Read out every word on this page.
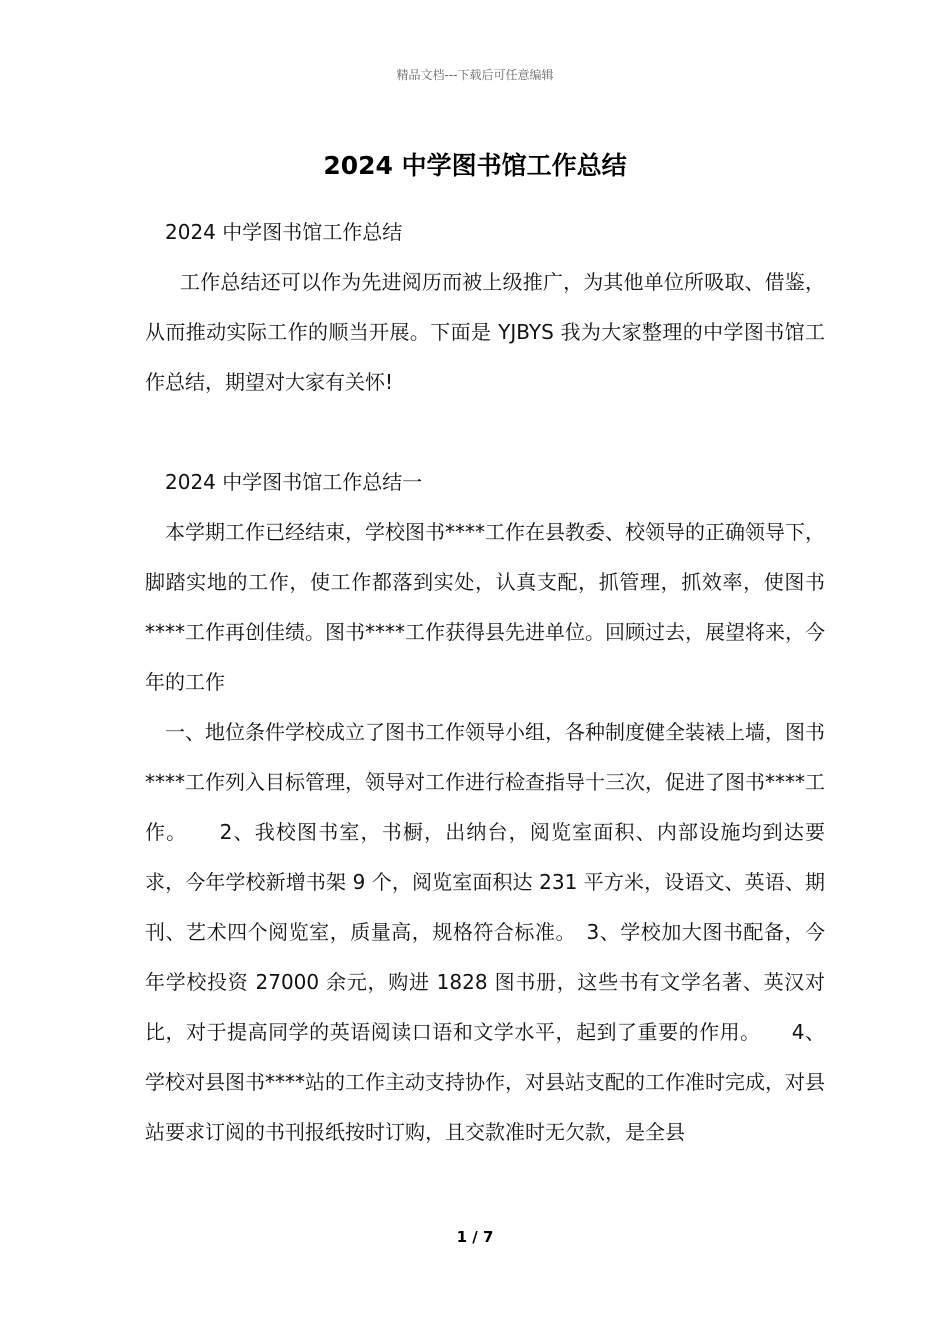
精品文档---下载后可任意编辑
2024 中学图书馆工作总结

2024 中学图书馆工作总结

工作总结还可以作为先进阅历而被上级推广，为其他单位所吸取、借鉴，从而推动实际工作的顺当开展。下面是 YJBYS 我为大家整理的中学图书馆工作总结，期望对大家有关怀!

2024 中学图书馆工作总结一

本学期工作已经结束，学校图书****工作在县教委、校领导的正确领导下，脚踏实地的工作，使工作都落到实处，认真支配，抓管理，抓效率，使图书****工作再创佳绩。图书****工作获得县先进单位。回顾过去，展望将来，今年的工作

一、地位条件学校成立了图书工作领导小组，各种制度健全装裱上墙，图书****工作列入目标管理，领导对工作进行检查指导十三次，促进了图书****工作。　　2、我校图书室，书橱，出纳台，阅览室面积、内部设施均到达要求，今年学校新增书架 9 个，阅览室面积达 231 平方米，设语文、英语、期刊、艺术四个阅览室，质量高，规格符合标准。　3、学校加大图书配备，今年学校投资 27000 余元，购进 1828 图书册，这些书有文学名著、英汉对比，对于提高同学的英语阅读口语和文学水平，起到了重要的作用。　　4、学校对县图书****站的工作主动支持协作，对县站支配的工作准时完成，对县站要求订阅的书刊报纸按时订购，且交款准时无欠款，是全县

1 / 7
